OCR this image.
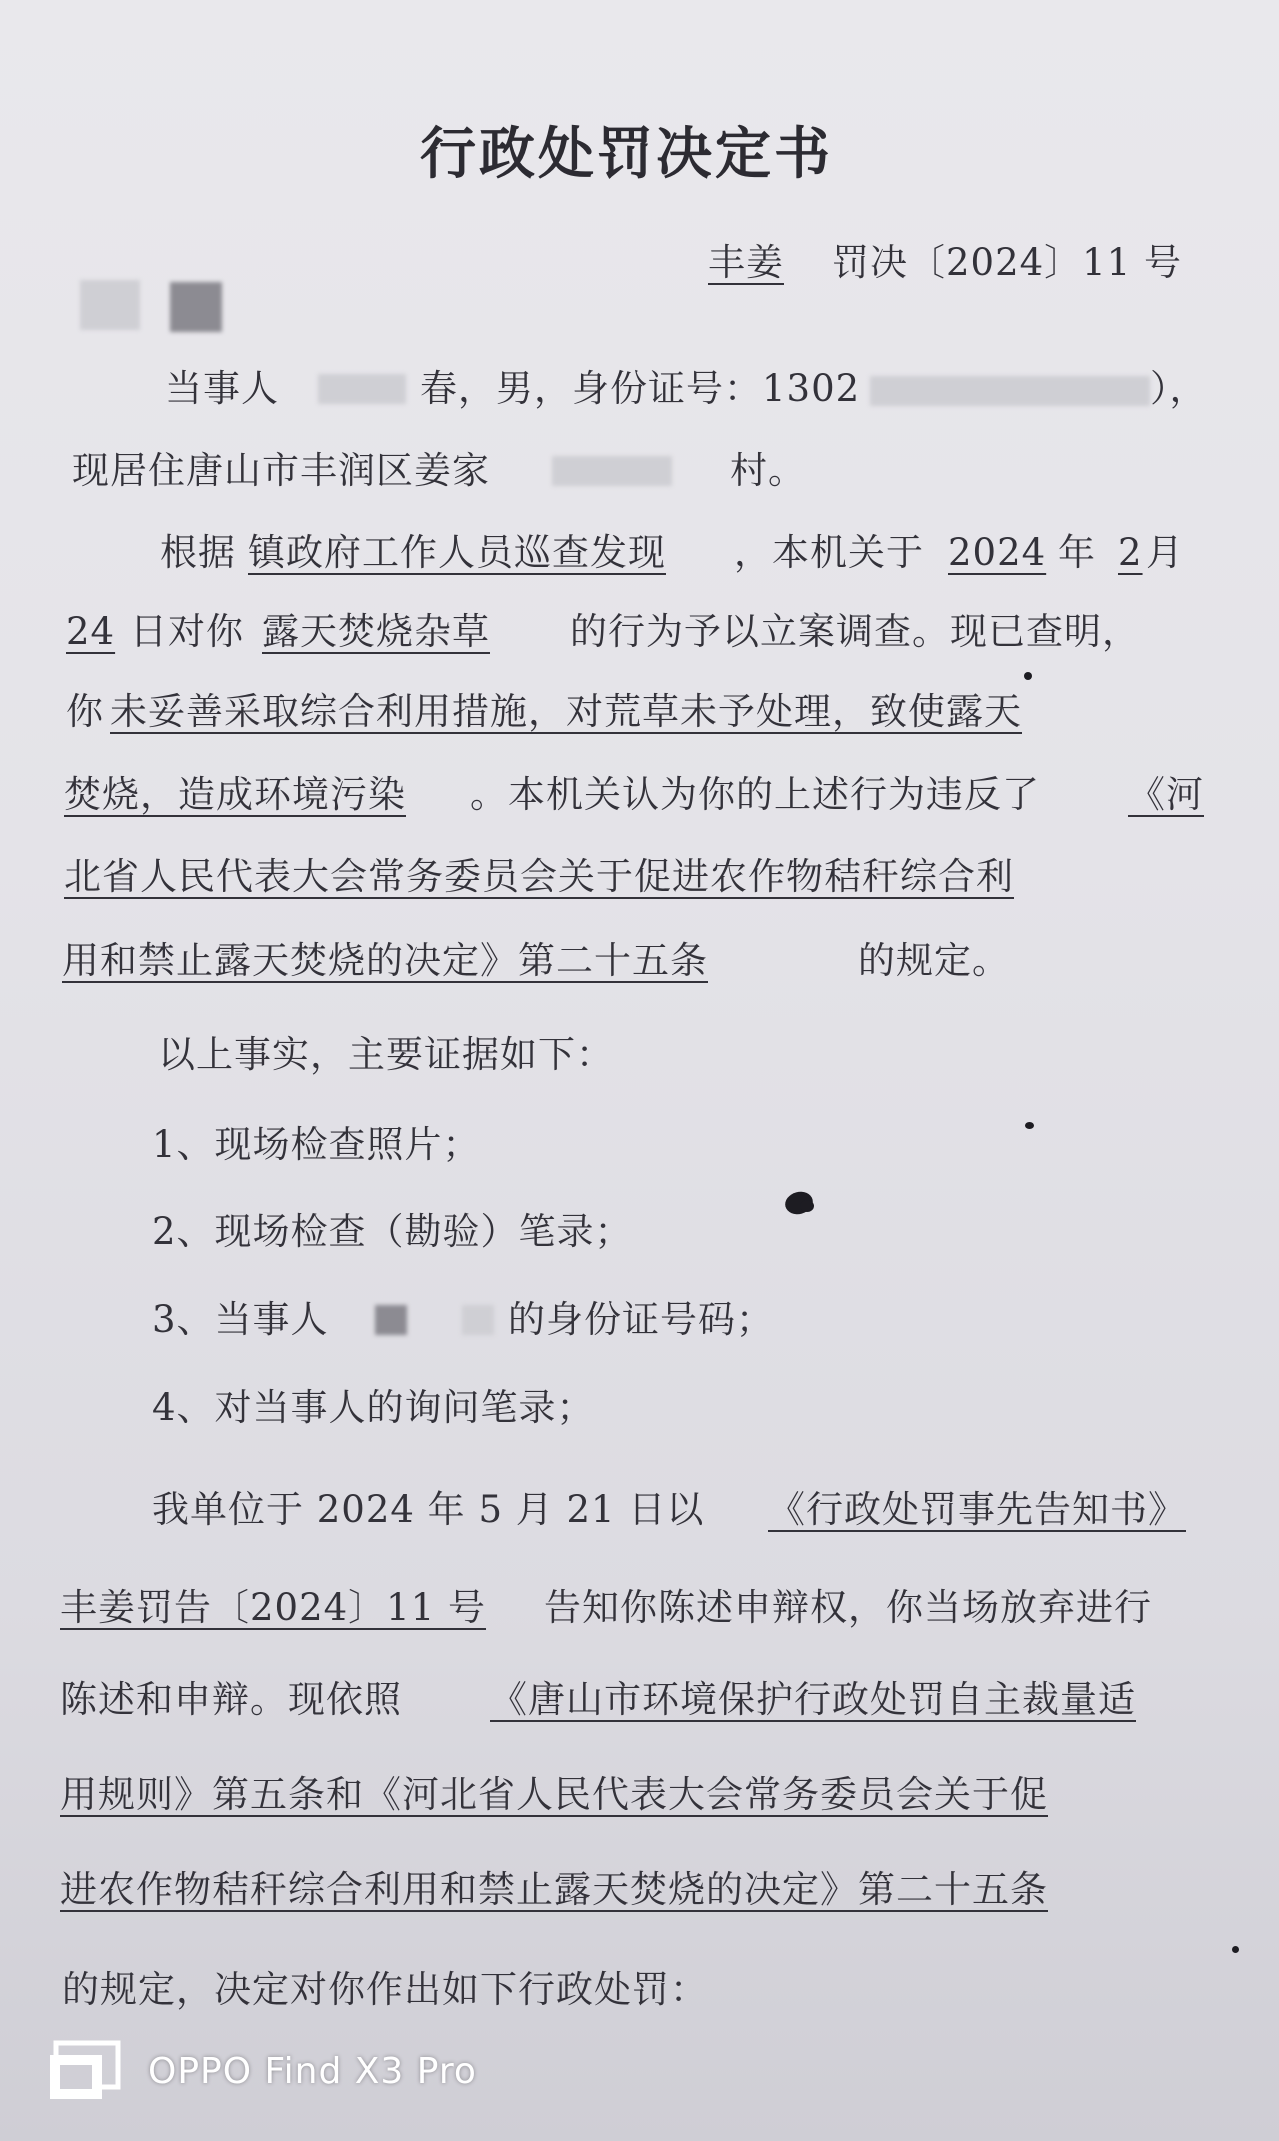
行政处罚决定书
丰姜 罚决〔2024〕11 号
当事人	春，男，身份证号：1302	），
现居住唐山市丰润区姜家	村。
根据 镇政府工作人员巡查发现 ，本机关于 2024 年 2 月
24 日对你 露天焚烧杂草 的行为予以立案调查。现已查明，
你 未妥善采取综合利用措施，对荒草未予处理，致使露天
焚烧，造成环境污染 。本机关认为你的上述行为违反了 《河
北省人民代表大会常务委员会关于促进农作物秸秆综合利
用和禁止露天焚烧的决定》第二十五条	的规定。
以上事实，主要证据如下：
1、现场检查照片；
2、现场检查（勘验）笔录；
3、当事人	的身份证号码；
4、对当事人的询问笔录；
我单位于 2024 年 5 月 21 日以 《行政处罚事先告知书》
丰姜罚告〔2024〕11 号 告知你陈述申辩权，你当场放弃进行
陈述和申辩。现依照 《唐山市环境保护行政处罚自主裁量适
用规则》第五条和《河北省人民代表大会常务委员会关于促
进农作物秸秆综合利用和禁止露天焚烧的决定》第二十五条
的规定，决定对你作出如下行政处罚：
OPPO Find X3 Pro
